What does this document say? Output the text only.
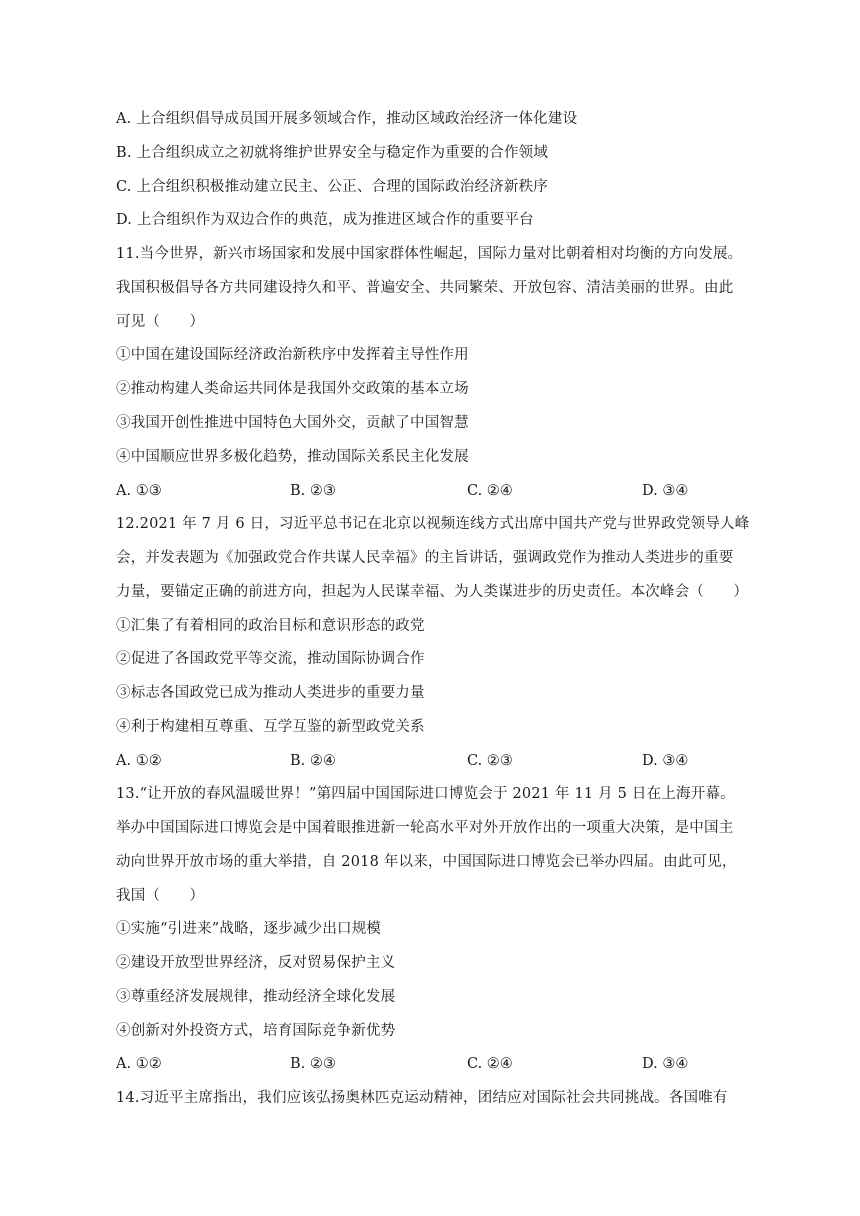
A. 上合组织倡导成员国开展多领域合作，推动区域政治经济一体化建设
B. 上合组织成立之初就将维护世界安全与稳定作为重要的合作领域
C. 上合组织积极推动建立民主、公正、合理的国际政治经济新秩序
D. 上合组织作为双边合作的典范，成为推进区域合作的重要平台
11.当今世界，新兴市场国家和发展中国家群体性崛起，国际力量对比朝着相对均衡的方向发展。
我国积极倡导各方共同建设持久和平、普遍安全、共同繁荣、开放包容、清洁美丽的世界。由此
可见（　　）
①中国在建设国际经济政治新秩序中发挥着主导性作用
②推动构建人类命运共同体是我国外交政策的基本立场
③我国开创性推进中国特色大国外交，贡献了中国智慧
④中国顺应世界多极化趋势，推动国际关系民主化发展
A. ①③	B. ②③	C. ②④	D. ③④
12.2021 年 7 月 6 日，习近平总书记在北京以视频连线方式出席中国共产党与世界政党领导人峰
会，并发表题为《加强政党合作共谋人民幸福》的主旨讲话，强调政党作为推动人类进步的重要
力量，要锚定正确的前进方向，担起为人民谋幸福、为人类谋进步的历史责任。本次峰会（　　）
①汇集了有着相同的政治目标和意识形态的政党
②促进了各国政党平等交流，推动国际协调合作
③标志各国政党已成为推动人类进步的重要力量
④利于构建相互尊重、互学互鉴的新型政党关系
A. ①②	B. ②④	C. ②③	D. ③④
13.“让开放的春风温暖世界！”第四届中国国际进口博览会于 2021 年 11 月 5 日在上海开幕。
举办中国国际进口博览会是中国着眼推进新一轮高水平对外开放作出的一项重大决策，是中国主
动向世界开放市场的重大举措，自 2018 年以来，中国国际进口博览会已举办四届。由此可见，
我国（　　）
①实施“引进来”战略，逐步减少出口规模
②建设开放型世界经济，反对贸易保护主义
③尊重经济发展规律，推动经济全球化发展
④创新对外投资方式，培育国际竞争新优势
A. ①②	B. ②③	C. ②④	D. ③④
14.习近平主席指出，我们应该弘扬奥林匹克运动精神，团结应对国际社会共同挑战。各国唯有
